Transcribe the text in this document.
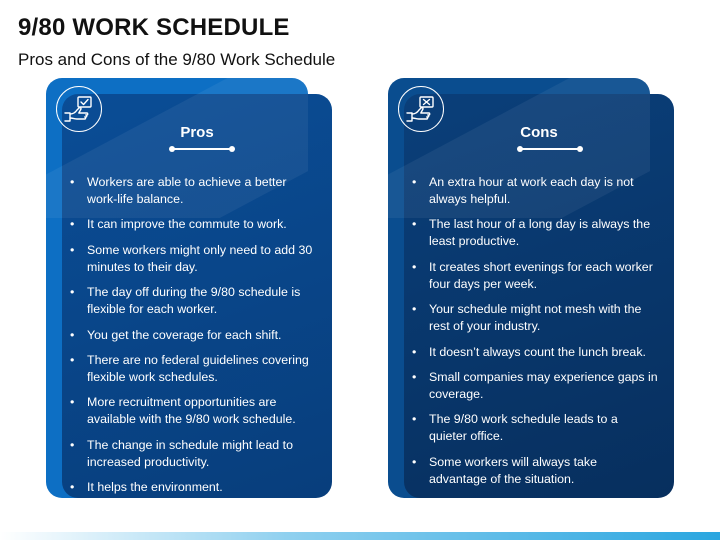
9/80 WORK SCHEDULE
Pros and Cons of the 9/80 Work Schedule
Pros
• Workers are able to achieve a better work-life balance.
• It can improve the commute to work.
• Some workers might only need to add 30 minutes to their day.
• The day off during the 9/80 schedule is flexible for each worker.
• You get the coverage for each shift.
• There are no federal guidelines covering flexible work schedules.
• More recruitment opportunities are available with the 9/80 work schedule.
• The change in schedule might lead to increased productivity.
• It helps the environment.
Cons
• An extra hour at work each day is not always helpful.
• The last hour of a long day is always the least productive.
• It creates short evenings for each worker four days per week.
• Your schedule might not mesh with the rest of your industry.
• It doesn’t always count the lunch break.
• Small companies may experience gaps in coverage.
• The 9/80 work schedule leads to a quieter office.
• Some workers will always take advantage of the situation.
